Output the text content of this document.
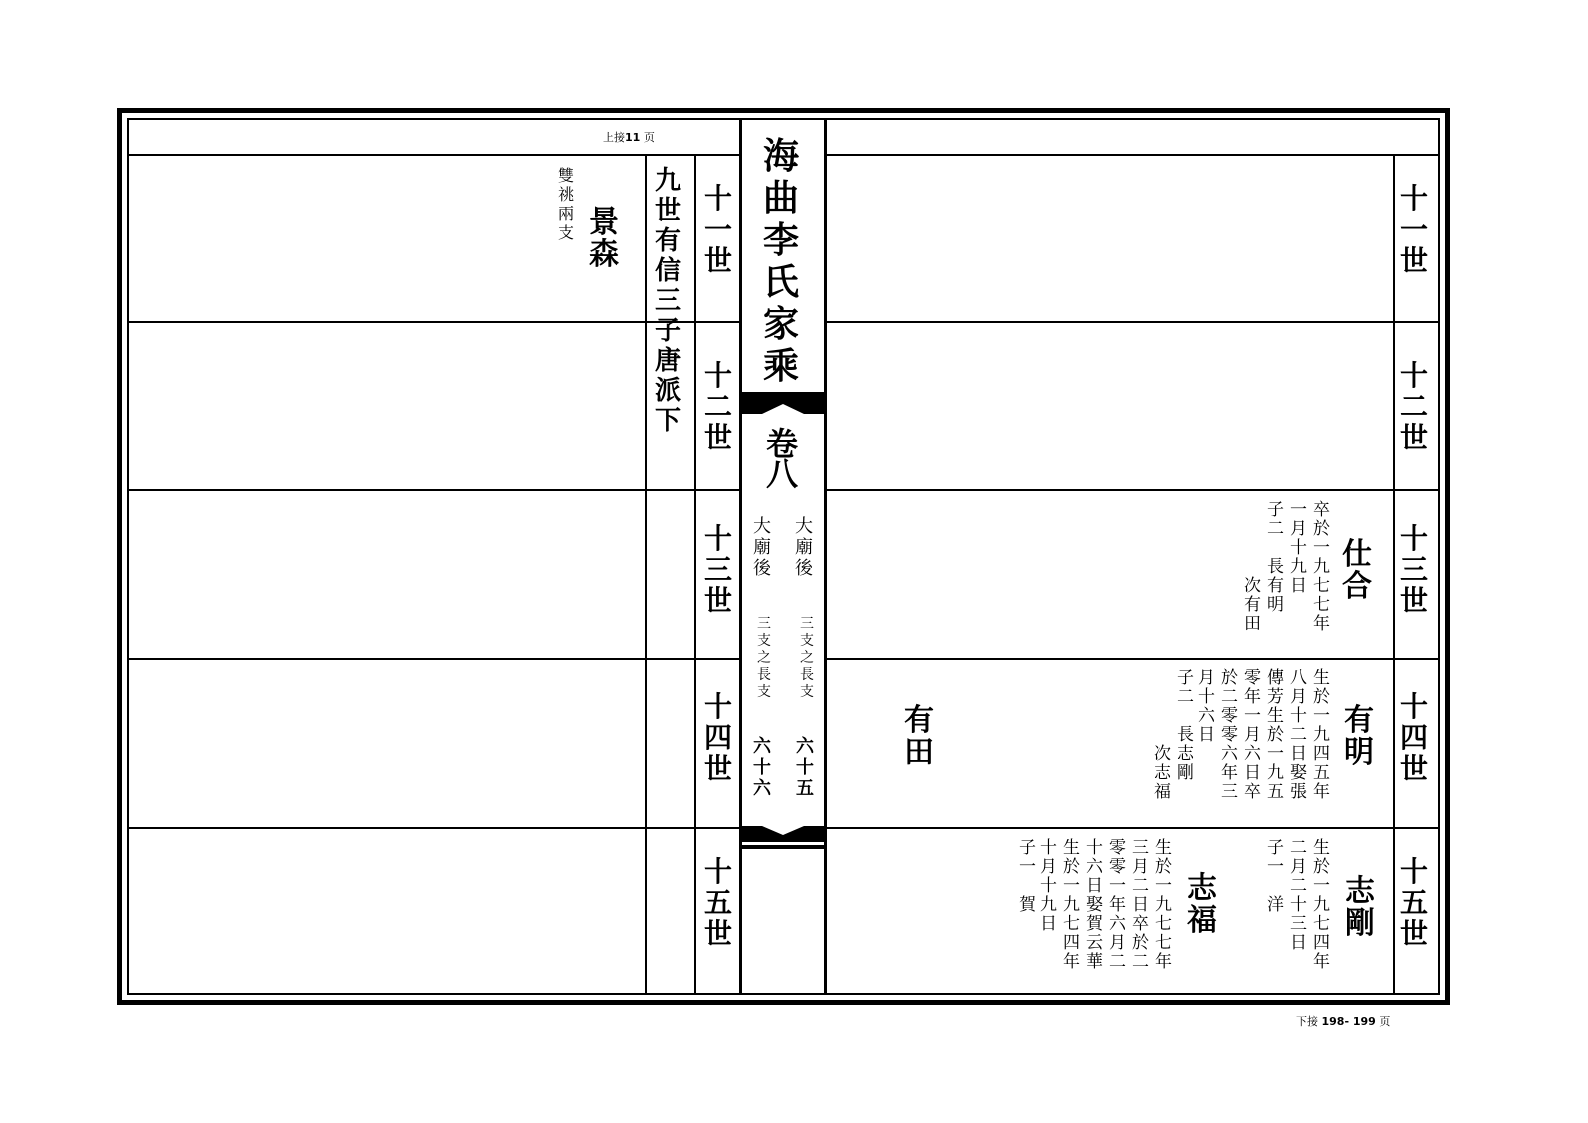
上接11 页	海
曲
李
氏
家
乘
卷
八
大
廟
後
三
支
之
長
支
六
十
五
大
廟
後
三
支
之
長
支
六
十
六
十
一
世
十
二
世
十
三
世
十
四
世
十
五
世
十
一
世
十
二
世
十
三
世
十
四
世
十
五
世
九
世
有
信
三
子
唐
派
下
景
森
雙
祧
兩
支
仕
合
卒
於
一
九
七
七
年
一
月
十
九
日
子
二
長
有
明
次
有
田
有
明
生
於
一
九
四
五
年
八
月
十
二
日
娶
張
傳
芳
生
於
一
九
五
零
年
一
月
六
日
卒
於
二
零
零
六
年
三
月
十
六
日
子
二
長
志
剛
次
志
福
有
田
志
剛
生
於
一
九
七
四
年
二
月
二
十
三
日
子
一
洋
志
福
生
於
一
九
七
七
年
三
月
二
日
卒
於
二
零
零
一
年
六
月
二
十
六
日
娶
賀
云
華
生
於
一
九
七
四
年
十
月
十
九
日
子
一
賀
下接 198- 199 页
